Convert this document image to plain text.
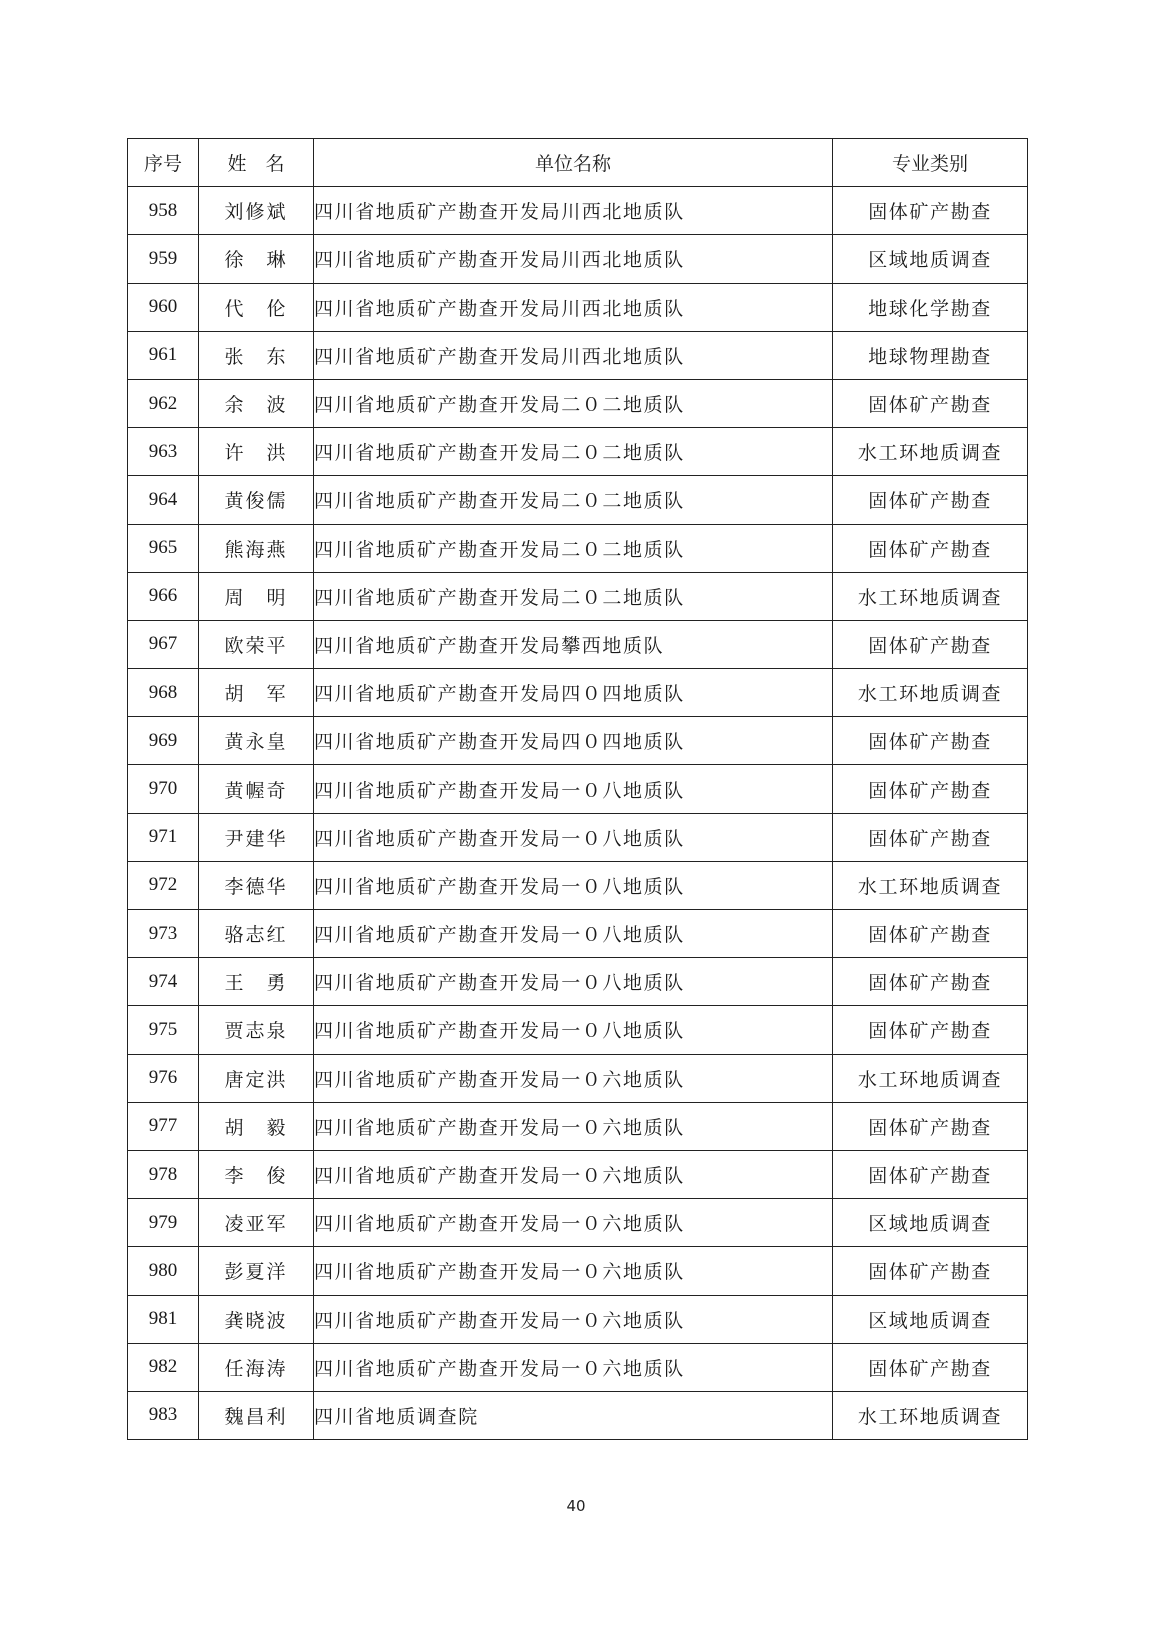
序号	姓　名	单位名称	专业类别
958	刘修斌	四川省地质矿产勘查开发局川西北地质队	固体矿产勘查
959	徐　琳	四川省地质矿产勘查开发局川西北地质队	区域地质调查
960	代　伦	四川省地质矿产勘查开发局川西北地质队	地球化学勘查
961	张　东	四川省地质矿产勘查开发局川西北地质队	地球物理勘查
962	余　波	四川省地质矿产勘查开发局二０二地质队	固体矿产勘查
963	许　洪	四川省地质矿产勘查开发局二０二地质队	水工环地质调查
964	黄俊儒	四川省地质矿产勘查开发局二０二地质队	固体矿产勘查
965	熊海燕	四川省地质矿产勘查开发局二０二地质队	固体矿产勘查
966	周　明	四川省地质矿产勘查开发局二０二地质队	水工环地质调查
967	欧荣平	四川省地质矿产勘查开发局攀西地质队	固体矿产勘查
968	胡　军	四川省地质矿产勘查开发局四０四地质队	水工环地质调查
969	黄永皇	四川省地质矿产勘查开发局四０四地质队	固体矿产勘查
970	黄幄奇	四川省地质矿产勘查开发局一０八地质队	固体矿产勘查
971	尹建华	四川省地质矿产勘查开发局一０八地质队	固体矿产勘查
972	李德华	四川省地质矿产勘查开发局一０八地质队	水工环地质调查
973	骆志红	四川省地质矿产勘查开发局一０八地质队	固体矿产勘查
974	王　勇	四川省地质矿产勘查开发局一０八地质队	固体矿产勘查
975	贾志泉	四川省地质矿产勘查开发局一０八地质队	固体矿产勘查
976	唐定洪	四川省地质矿产勘查开发局一０六地质队	水工环地质调查
977	胡　毅	四川省地质矿产勘查开发局一０六地质队	固体矿产勘查
978	李　俊	四川省地质矿产勘查开发局一０六地质队	固体矿产勘查
979	凌亚军	四川省地质矿产勘查开发局一０六地质队	区域地质调查
980	彭夏洋	四川省地质矿产勘查开发局一０六地质队	固体矿产勘查
981	龚晓波	四川省地质矿产勘查开发局一０六地质队	区域地质调查
982	任海涛	四川省地质矿产勘查开发局一０六地质队	固体矿产勘查
983	魏昌利	四川省地质调查院	水工环地质调查
40
